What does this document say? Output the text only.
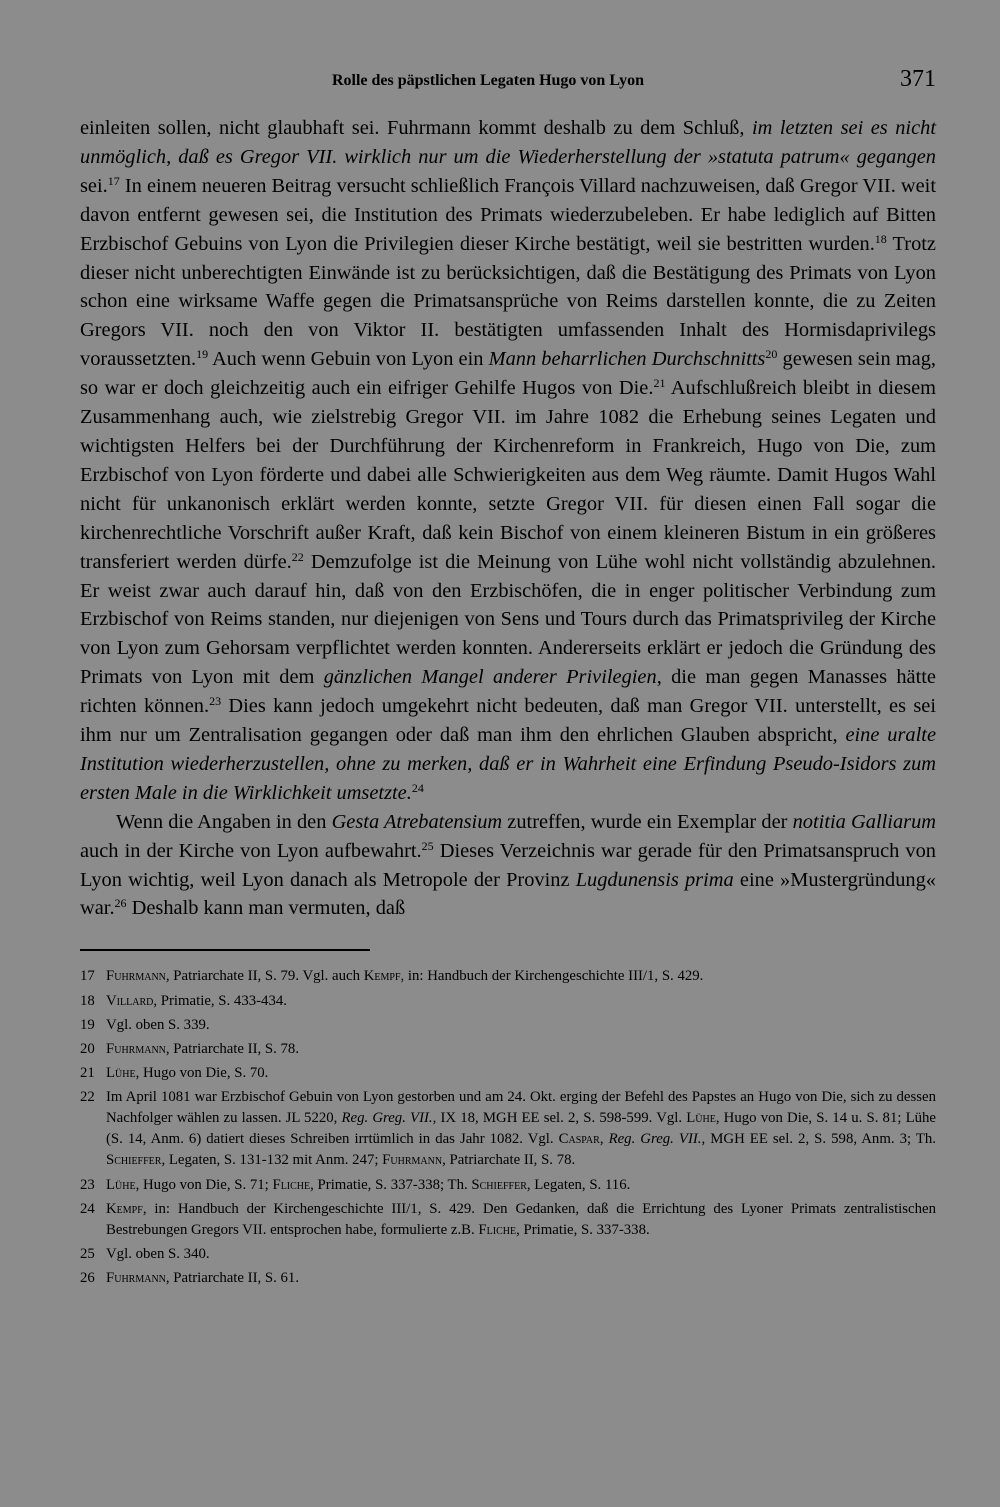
Rolle des päpstlichen Legaten Hugo von Lyon	371

einleiten sollen, nicht glaubhaft sei. Fuhrmann kommt deshalb zu dem Schluß, im letzten sei es nicht unmöglich, daß es Gregor VII. wirklich nur um die Wiederherstellung der »statuta patrum« gegangen sei.$^{17}$ In einem neueren Beitrag versucht schließlich François Villard nachzuweisen, daß Gregor VII. weit davon entfernt gewesen sei, die Institution des Primats wiederzubeleben. Er habe lediglich auf Bitten Erzbischof Gebuins von Lyon die Privilegien dieser Kirche bestätigt, weil sie bestritten wurden.$^{18}$ Trotz dieser nicht unberechtigten Einwände ist zu berücksichtigen, daß die Bestätigung des Primats von Lyon schon eine wirksame Waffe gegen die Primatsansprüche von Reims darstellen konnte, die zu Zeiten Gregors VII. noch den von Viktor II. bestätigten umfassenden Inhalt des Hormisdaprivilegs voraussetzten.$^{19}$ Auch wenn Gebuin von Lyon ein Mann beharrlichen Durchschnitts$^{20}$ gewesen sein mag, so war er doch gleichzeitig auch ein eifriger Gehilfe Hugos von Die.$^{21}$ Aufschlußreich bleibt in diesem Zusammenhang auch, wie zielstrebig Gregor VII. im Jahre 1082 die Erhebung seines Legaten und wichtigsten Helfers bei der Durchführung der Kirchenreform in Frankreich, Hugo von Die, zum Erzbischof von Lyon förderte und dabei alle Schwierigkeiten aus dem Weg räumte. Damit Hugos Wahl nicht für unkanonisch erklärt werden konnte, setzte Gregor VII. für diesen einen Fall sogar die kirchenrechtliche Vorschrift außer Kraft, daß kein Bischof von einem kleineren Bistum in ein größeres transferiert werden dürfe.$^{22}$ Demzufolge ist die Meinung von Lühe wohl nicht vollständig abzulehnen. Er weist zwar auch darauf hin, daß von den Erzbischöfen, die in enger politischer Verbindung zum Erzbischof von Reims standen, nur diejenigen von Sens und Tours durch das Primatsprivileg der Kirche von Lyon zum Gehorsam verpflichtet werden konnten. Andererseits erklärt er jedoch die Gründung des Primats von Lyon mit dem gänzlichen Mangel anderer Privilegien, die man gegen Manasses hätte richten können.$^{23}$ Dies kann jedoch umgekehrt nicht bedeuten, daß man Gregor VII. unterstellt, es sei ihm nur um Zentralisation gegangen oder daß man ihm den ehrlichen Glauben abspricht, eine uralte Institution wiederherzustellen, ohne zu merken, daß er in Wahrheit eine Erfindung Pseudo-Isidors zum ersten Male in die Wirklichkeit umsetzte.$^{24}$

Wenn die Angaben in den Gesta Atrebatensium zutreffen, wurde ein Exemplar der notitia Galliarum auch in der Kirche von Lyon aufbewahrt.$^{25}$ Dieses Verzeichnis war gerade für den Primatsanspruch von Lyon wichtig, weil Lyon danach als Metropole der Provinz Lugdunensis prima eine »Mustergründung« war.$^{26}$ Deshalb kann man vermuten, daß

17 Fuhrmann, Patriarchate II, S. 79. Vgl. auch Kempf, in: Handbuch der Kirchengeschichte III/1, S. 429.
18 Villard, Primatie, S. 433-434.
19 Vgl. oben S. 339.
20 Fuhrmann, Patriarchate II, S. 78.
21 Lühe, Hugo von Die, S. 70.
22 Im April 1081 war Erzbischof Gebuin von Lyon gestorben und am 24. Okt. erging der Befehl des Papstes an Hugo von Die, sich zu dessen Nachfolger wählen zu lassen. JL 5220, Reg. Greg. VII., IX 18, MGH EE sel. 2, S. 598-599. Vgl. Lühe, Hugo von Die, S. 14 u. S. 81; Lühe (S. 14, Anm. 6) datiert dieses Schreiben irrtümlich in das Jahr 1082. Vgl. Caspar, Reg. Greg. VII., MGH EE sel. 2, S. 598, Anm. 3; Th. Schieffer, Legaten, S. 131-132 mit Anm. 247; Fuhrmann, Patriarchate II, S. 78.
23 Lühe, Hugo von Die, S. 71; Fliche, Primatie, S. 337-338; Th. Schieffer, Legaten, S. 116.
24 Kempf, in: Handbuch der Kirchengeschichte III/1, S. 429. Den Gedanken, daß die Errichtung des Lyoner Primats zentralistischen Bestrebungen Gregors VII. entsprochen habe, formulierte z.B. Fliche, Primatie, S. 337-338.
25 Vgl. oben S. 340.
26 Fuhrmann, Patriarchate II, S. 61.
